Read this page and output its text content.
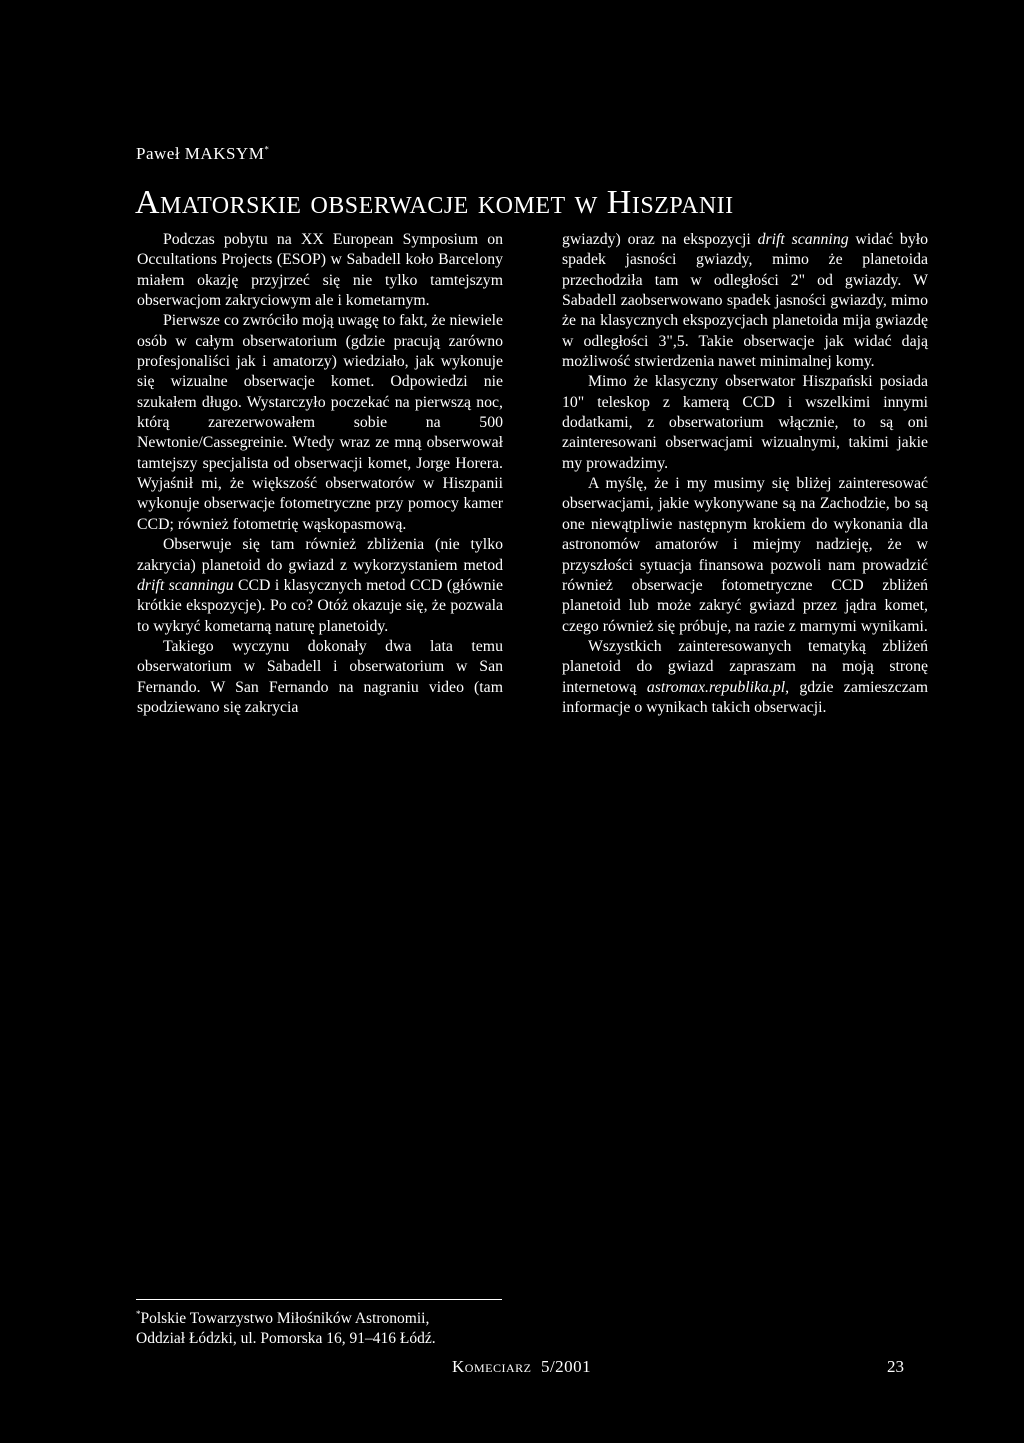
Paweł MAKSYM*
Amatorskie obserwacje komet w Hiszpanii

Podczas pobytu na XX European Symposium on Occultations Projects (ESOP) w Sabadell koło Barcelony miałem okazję przyjrzeć się nie tylko tamtejszym obserwacjom zakryciowym ale i kometarnym.

Pierwsze co zwróciło moją uwagę to fakt, że niewiele osób w całym obserwatorium (gdzie pracują zarówno profesjonaliści jak i amatorzy) wiedziało, jak wykonuje się wizualne obserwacje komet. Odpowiedzi nie szukałem długo. Wystarczyło poczekać na pierwszą noc, którą zarezerwowałem sobie na 500 Newtonie/Cassegreinie. Wtedy wraz ze mną obserwował tamtejszy specjalista od obserwacji komet, Jorge Horera. Wyjaśnił mi, że większość obserwatorów w Hiszpanii wykonuje obserwacje fotometryczne przy pomocy kamer CCD; również fotometrię wąskopasmową.

Obserwuje się tam również zbliżenia (nie tylko zakrycia) planetoid do gwiazd z wykorzystaniem metod drift scanningu CCD i klasycznych metod CCD (głównie krótkie ekspozycje). Po co? Otóż okazuje się, że pozwala to wykryć kometarną naturę planetoidy.

Takiego wyczynu dokonały dwa lata temu obserwatorium w Sabadell i obserwatorium w San Fernando. W San Fernando na nagraniu video (tam spodziewano się zakrycia

gwiazdy) oraz na ekspozycji drift scanning widać było spadek jasności gwiazdy, mimo że planetoida przechodziła tam w odległości 2" od gwiazdy. W Sabadell zaobserwowano spadek jasności gwiazdy, mimo że na klasycznych ekspozycjach planetoida mija gwiazdę w odległości 3",5. Takie obserwacje jak widać dają możliwość stwierdzenia nawet minimalnej komy.

Mimo że klasyczny obserwator Hiszpański posiada 10" teleskop z kamerą CCD i wszelkimi innymi dodatkami, z obserwatorium włącznie, to są oni zainteresowani obserwacjami wizualnymi, takimi jakie my prowadzimy.

A myślę, że i my musimy się bliżej zainteresować obserwacjami, jakie wykonywane są na Zachodzie, bo są one niewątpliwie następnym krokiem do wykonania dla astronomów amatorów i miejmy nadzieję, że w przyszłości sytuacja finansowa pozwoli nam prowadzić również obserwacje fotometryczne CCD zbliżeń planetoid lub może zakryć gwiazd przez jądra komet, czego również się próbuje, na razie z marnymi wynikami.

Wszystkich zainteresowanych tematyką zbliżeń planetoid do gwiazd zapraszam na moją stronę internetową astromax.republika.pl, gdzie zamieszczam informacje o wynikach takich obserwacji.

*Polskie Towarzystwo Miłośników Astronomii,
Oddział Łódzki, ul. Pomorska 16, 91–416 Łódź.
Komeciarz 5/2001	23
